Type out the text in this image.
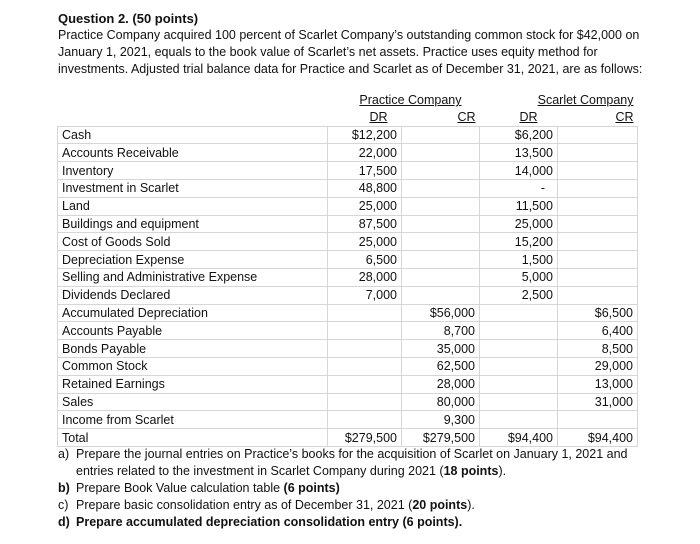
Question 2. (50 points)

Practice Company acquired 100 percent of Scarlet Company’s outstanding common stock for $42,000 on

January 1, 2021, equals to the book value of Scarlet’s net assets. Practice uses equity method for

investments. Adjusted trial balance data for Practice and Scarlet as of December 31, 2021, are as follows:

	Practice Company		Scarlet Company	
	DR	CR	DR	CR
Cash	$12,200		$6,200	
Accounts Receivable	22,000		13,500	
Inventory	17,500		14,000	
Investment in Scarlet	48,800		-	
Land	25,000		11,500	
Buildings and equipment	87,500		25,000	
Cost of Goods Sold	25,000		15,200	
Depreciation Expense	6,500		1,500	
Selling and Administrative Expense	28,000		5,000	
Dividends Declared	7,000		2,500	
Accumulated Depreciation		$56,000		$6,500
Accounts Payable		8,700		6,400
Bonds Payable		35,000		8,500
Common Stock		62,500		29,000
Retained Earnings		28,000		13,000
Sales		80,000		31,000
Income from Scarlet		9,300		
Total	$279,500	$279,500	$94,400	$94,400
a) Prepare the journal entries on Practice’s books for the acquisition of Scarlet on January 1, 2021 and
entries related to the investment in Scarlet Company during 2021 (18 points).
b) Prepare Book Value calculation table (6 points)
c) Prepare basic consolidation entry as of December 31, 2021 (20 points).
d) Prepare accumulated depreciation consolidation entry (6 points).
